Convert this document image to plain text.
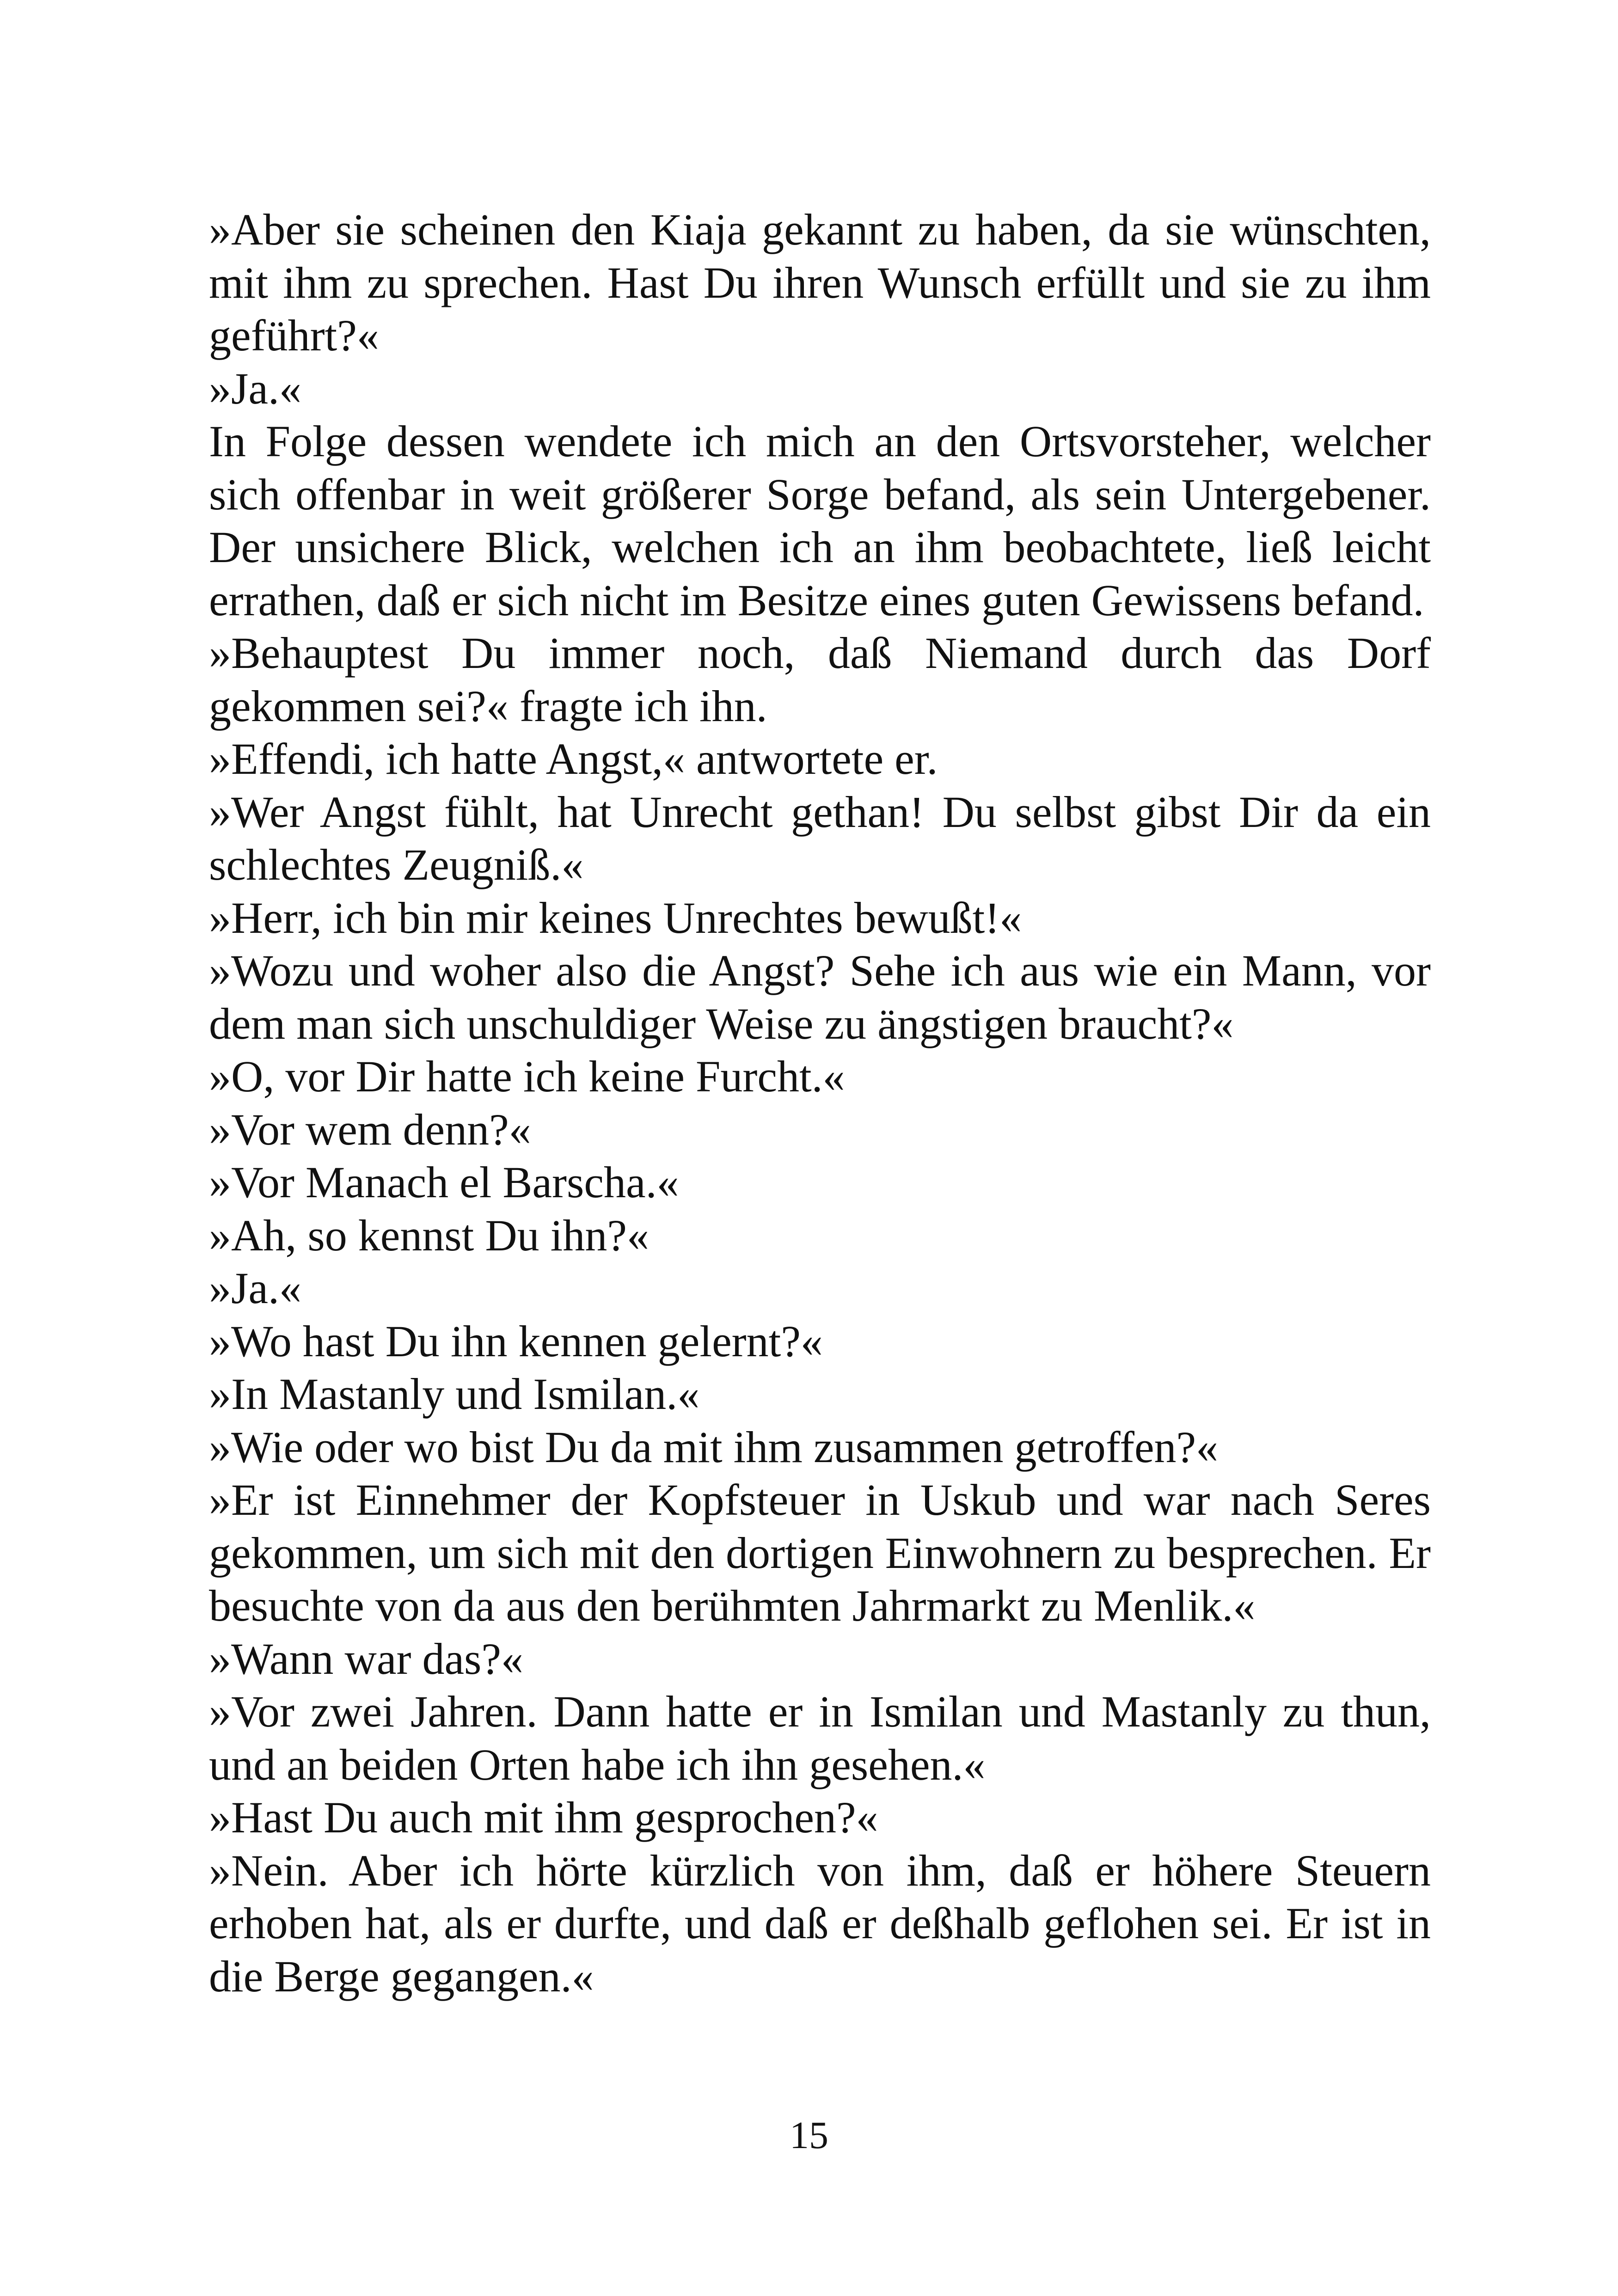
»Aber sie scheinen den Kiaja gekannt zu haben, da sie wünschten, mit ihm zu sprechen. Hast Du ihren Wunsch erfüllt und sie zu ihm geführt?«

»Ja.«

In Folge dessen wendete ich mich an den Ortsvorsteher, welcher sich offenbar in weit größerer Sorge befand, als sein Untergebener. Der unsichere Blick, welchen ich an ihm beobachtete, ließ leicht errathen, daß er sich nicht im Besitze eines guten Gewissens befand.

»Behauptest Du immer noch, daß Niemand durch das Dorf gekommen sei?« fragte ich ihn.

»Effendi, ich hatte Angst,« antwortete er.

»Wer Angst fühlt, hat Unrecht gethan! Du selbst gibst Dir da ein schlechtes Zeugniß.«

»Herr, ich bin mir keines Unrechtes bewußt!«

»Wozu und woher also die Angst? Sehe ich aus wie ein Mann, vor dem man sich unschuldiger Weise zu ängstigen braucht?«

»O, vor Dir hatte ich keine Furcht.«

»Vor wem denn?«

»Vor Manach el Barscha.«

»Ah, so kennst Du ihn?«

»Ja.«

»Wo hast Du ihn kennen gelernt?«

»In Mastanly und Ismilan.«

»Wie oder wo bist Du da mit ihm zusammen getroffen?«

»Er ist Einnehmer der Kopfsteuer in Uskub und war nach Seres gekommen, um sich mit den dortigen Einwohnern zu besprechen. Er besuchte von da aus den berühmten Jahrmarkt zu Menlik.«

»Wann war das?«

»Vor zwei Jahren. Dann hatte er in Ismilan und Mastanly zu thun, und an beiden Orten habe ich ihn gesehen.«

»Hast Du auch mit ihm gesprochen?«

»Nein. Aber ich hörte kürzlich von ihm, daß er höhere Steuern erhoben hat, als er durfte, und daß er deßhalb geflohen sei. Er ist in die Berge gegangen.«

15
